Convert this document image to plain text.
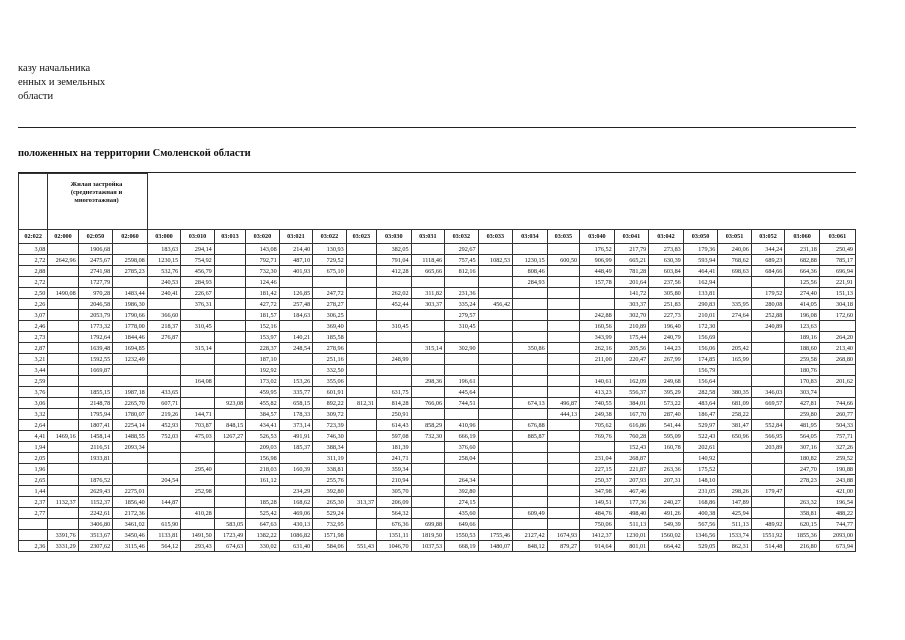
казу начальника
енных и земельных
области
положенных на территории Смоленской области
	Жилая застройка (среднеэтажная и многоэтажная)																							
02:022	02:000	02:050	02:060	03:000	03:010	03:013	03:020	03:021	03:022	03:023	03:030	03:031	03:032	03:033	03:034	03:035	03:040	03:041	03:042	03:050	03:051	03:052	03:060	03:061
3,08		1906,68		183,63	294,14		143,08	214,40	130,93		382,05		292,67				176,52	217,79	273,83	179,36	240,06	344,24	231,18	250,49
2,72	2642,96	2475,67	2598,08	1230,15	754,92		792,71	487,10	729,52		791,04	1118,46	757,45	1082,53	1230,15	600,50	906,99	665,21	630,39	593,94	768,62	689,23	682,88	785,17
2,88		2741,98	2785,23	532,76	456,79		732,30	401,93	675,10		412,28	665,66	812,16		808,46		448,49	781,28	603,84	464,41	698,63	684,66	664,36	696,94
2,72		1727,79		240,53	284,93		124,46								284,93		157,78	201,64	237,56	162,94			125,56	221,91
2,50	1490,08	970,28	1483,44	240,41	226,67		181,42	126,85	247,72		262,02	311,82	231,36					141,72	305,80	133,81		179,52	274,40	151,13
2,26		2046,58	1986,30		376,31		427,72	257,48	278,27		452,44	303,37	335,24	456,42				303,37	251,83	290,83	335,95	280,08	414,05	304,18
3,07		2053,79	1790,66	366,60			181,57	184,63	306,25				279,57				242,88	302,70	227,73	210,01	274,64	252,88	196,08	172,60
2,46		1773,32	1778,00	218,37	310,45		152,16		369,40		310,45		310,45				160,56	210,89	196,40	172,30		240,89	123,63	
2,73		1792,64	1844,46	276,87			153,97	140,21	185,58								343,99	175,44	240,79	156,69			189,16	264,20
2,87		1639,48	1694,85		315,14		228,37	248,54	278,96			315,14	302,90		350,86		262,16	205,56	144,23	156,06	205,42		188,60	213,40
3,21		1592,55	1232,49				187,10		251,16		248,99						211,00	220,47	267,99	174,85	165,99		259,58	268,80
3,44		1669,87					192,92		332,50											156,79			180,76	
2,59					164,08		173,02	153,26	355,06			298,36	196,61				140,61	162,09	249,68	156,64			170,83	201,62
3,76		1855,15	1987,18	433,65			459,95	335,77	601,91		631,75		445,64				413,23	556,37	395,29	282,58	380,35	346,03	303,74	
3,06		2148,78	2265,70	607,71		923,08	455,82	658,15	892,22	812,31	814,28	766,06	744,51		674,13	496,87	740,55	384,01	573,22	483,64	681,09	669,57	427,81	744,66
3,32		1795,94	1780,07	219,26	144,71		384,57	178,33	309,72		250,91					444,13	249,38	167,70	287,40	186,47	258,22		259,80	260,77
2,64		1807,41	2254,14	452,93	703,87	848,15	434,41	373,14	723,39		614,43	858,29	410,96		676,88		705,62	616,86	541,44	529,97	381,47	552,84	481,95	504,33
4,41	1469,16	1458,14	1488,55	752,03	475,03	1267,27	526,53	491,91	746,30		597,08	732,30	666,19		885,87		769,76	760,28	595,09	522,43	650,96	566,95	564,05	757,71
1,94		2116,51	2093,34				209,03	185,37	388,34		181,39		376,60					152,43	160,78	202,61		203,89	307,16	327,26
2,05		1933,81					156,98		311,19		241,71		258,04				231,04	268,87		140,92			180,82	259,52
1,96					295,40		218,03	160,39	338,81		359,34						227,15	221,87	263,36	175,52			247,70	190,88
2,65		1876,52		204,54			161,12		255,76		210,94		264,34				250,37	207,93	207,31	148,10			278,23	243,88
1,44		2629,43	2275,01		252,98			234,29	392,80		305,70		392,80				347,98	467,46		231,05	298,26	179,47		421,00
2,37	1132,37	1152,37	1856,40	144,87			185,28	168,62	265,30	313,37	206,09		274,15				149,51	177,36	240,27	168,86	147,89		263,32	196,54
2,77		2242,61	2172,36		410,28		525,42	469,06	529,24		564,32		435,60		609,49		484,76	498,40	491,26	400,38	425,94		358,81	488,22
		3406,80	3461,02	615,90		583,05	647,63	430,13	732,95		676,36	699,88	649,66				750,06	511,13	549,39	567,56	511,13	489,92	620,15	744,77
	3391,76	3513,67	3450,46	1133,81	1491,50	1723,49	1382,22	1086,82	1571,98		1351,11	1819,50	1550,53	1755,46	2127,42	1674,93	1412,37	1230,01	1560,02	1346,56	1533,74	1551,92	1855,36	2093,00
2,36	3331,29	2307,62	3115,46	564,12	293,43	674,63	330,02	631,40	584,06	551,43	1046,70	1037,53	668,19	1480,07	848,12	879,27	914,64	801,01	664,42	529,05	862,31	514,48	216,80	673,94
